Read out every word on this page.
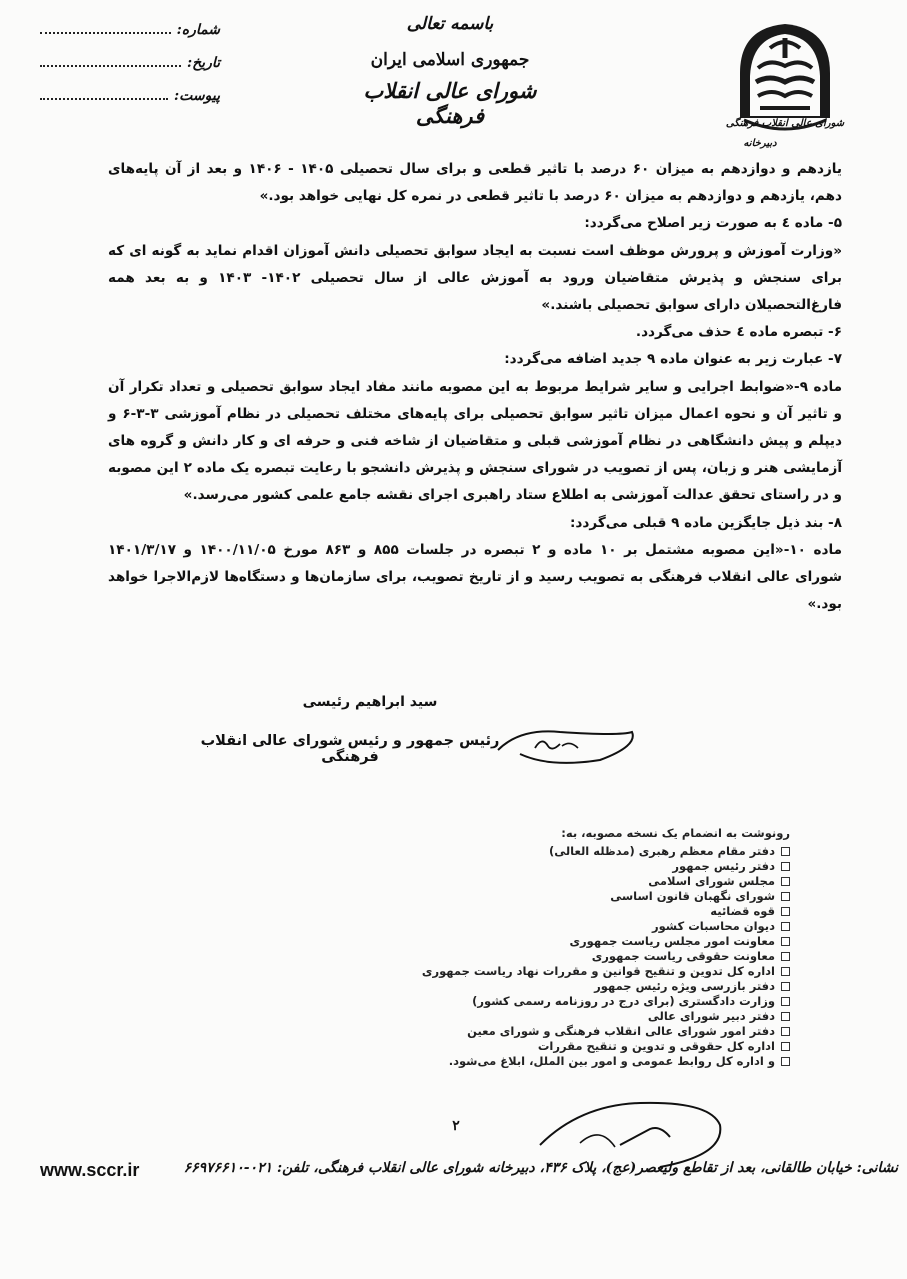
شورای عالی انقلاب فرهنگی
دبیرخانه
باسمه تعالی
جمهوری اسلامی ایران
شورای عالی انقلاب فرهنگی
شماره:
تاریخ:
پیوست:

یازدهم و دوازدهم به میزان ۶۰ درصد با تاثیر قطعی و برای سال تحصیلی ۱۴۰۵ - ۱۴۰۶ و بعد از آن پایه‌های دهم، یازدهم و دوازدهم به میزان ۶۰ درصد با تاثیر قطعی در نمره کل نهایی خواهد بود.»

۵- ماده ٤ به صورت زیر اصلاح می‌گردد:

«وزارت آموزش و پرورش موظف است نسبت به ایجاد سوابق تحصیلی دانش آموزان اقدام نماید به گونه ای که برای سنجش و پذیرش متقاضیان ورود به آموزش عالی از سال تحصیلی ۱۴۰۲- ۱۴۰۳ و به بعد همه فارغ‌التحصیلان دارای سوابق تحصیلی باشند.»

۶- تبصره ماده ٤ حذف می‌گردد.

۷- عبارت زیر به عنوان ماده ۹ جدید اضافه می‌گردد:

ماده ۹-«ضوابط اجرایی و سایر شرایط مربوط به این مصوبه مانند مفاد ایجاد سوابق تحصیلی و تعداد تکرار آن و تاثیر آن و نحوه اعمال میزان تاثیر سوابق تحصیلی برای پایه‌های مختلف تحصیلی در نظام آموزشی ۳-۳-۶ و دیپلم و پیش دانشگاهی در نظام آموزشی قبلی و متقاضیان از شاخه فنی و حرفه ای و کار دانش و گروه های آزمایشی هنر و زبان، پس از تصویب در شورای سنجش و پذیرش دانشجو با رعایت تبصره یک ماده ۲ این مصوبه و در راستای تحقق عدالت آموزشی به اطلاع ستاد راهبری اجرای نقشه جامع علمی کشور می‌رسد.»

۸- بند ذیل جایگزین ماده ۹ قبلی می‌گردد:

ماده ۱۰-«این مصوبه مشتمل بر ۱۰ ماده و ۲ تبصره در جلسات ۸۵۵ و ۸۶۳ مورخ ۱۴۰۰/۱۱/۰۵ و ۱۴۰۱/۳/۱۷ شورای عالی انقلاب فرهنگی به تصویب رسید و از تاریخ تصویب، برای سازمان‌ها و دستگاه‌ها لازم‌الاجرا خواهد بود.»

سید ابراهیم رئیسی
رئیس جمهور و رئیس شورای عالی انقلاب فرهنگی
رونوشت به انضمام یک نسخه مصوبه، به:
دفتر مقام معظم رهبری (مدظله العالی)
دفتر رئیس جمهور
مجلس شورای اسلامی
شورای نگهبان قانون اساسی
قوه قضائیه
دیوان محاسبات کشور
معاونت امور مجلس ریاست جمهوری
معاونت حقوقی ریاست جمهوری
اداره کل تدوین و تنقیح قوانین و مقررات نهاد ریاست جمهوری
دفتر بازرسی ویژه رئیس جمهور
وزارت دادگستری (برای درج در روزنامه رسمی کشور)
دفتر دبیر شورای عالی
دفتر امور شورای عالی انقلاب فرهنگی و شورای معین
اداره کل حقوقی و تدوین و تنقیح مقررات
و اداره کل روابط عمومی و امور بین الملل، ابلاغ می‌شود.
۲
نشانی: خیابان طالقانی، بعد از تقاطع ولیعصر(عج)، پلاک ۴۳۶، دبیرخانه شورای عالی انقلاب فرهنگی، تلفن: ۰۲۱-۶۶۹۷۶۶۱۰
www.sccr.ir
